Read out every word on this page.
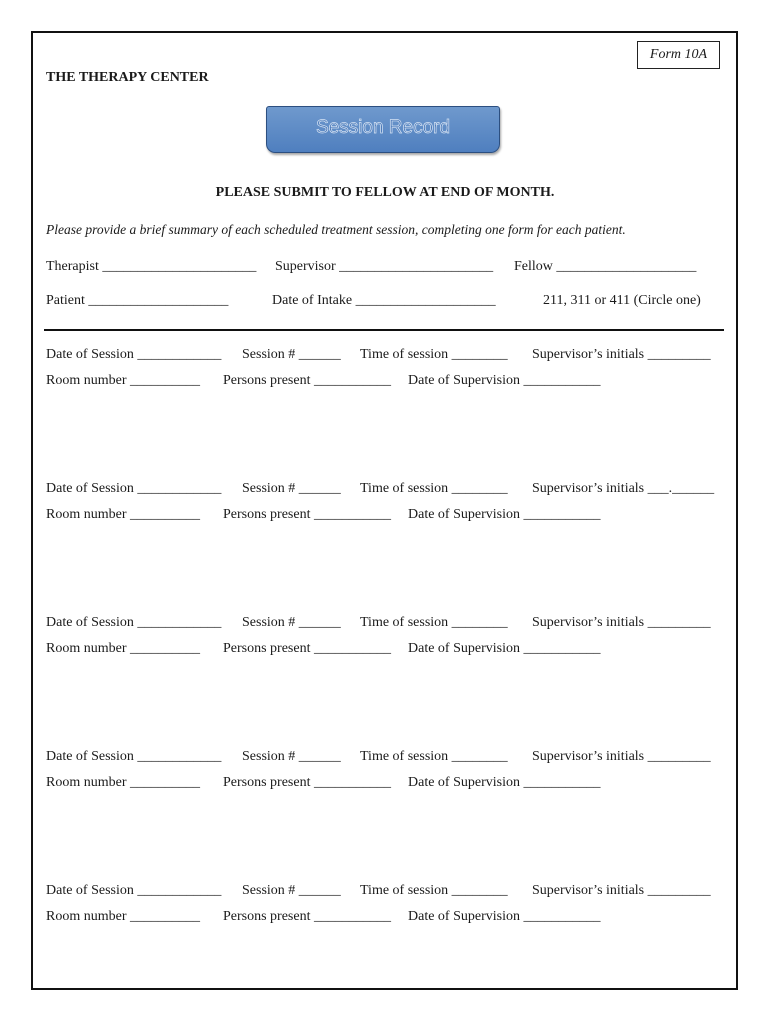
Form 10A
THE THERAPY CENTER
Session Record
PLEASE SUBMIT TO FELLOW AT END OF MONTH.
Please provide a brief summary of each scheduled treatment session, completing one form for each patient.
Therapist ______________________ Supervisor ______________________ Fellow ____________________
Patient ____________________	Date of Intake ____________________	211, 311 or 411 (Circle one)
Date of Session ____________ Session # ______ Time of session ________ Supervisor’s initials _________
Room number __________ Persons present ___________ Date of Supervision ___________
Date of Session ____________ Session # ______ Time of session ________ Supervisor’s initials ___.______
Room number __________ Persons present ___________ Date of Supervision ___________
Date of Session ____________ Session # ______ Time of session ________ Supervisor’s initials _________
Room number __________ Persons present ___________ Date of Supervision ___________
Date of Session ____________ Session # ______ Time of session ________ Supervisor’s initials _________
Room number __________ Persons present ___________ Date of Supervision ___________
Date of Session ____________ Session # ______ Time of session ________ Supervisor’s initials _________
Room number __________ Persons present ___________ Date of Supervision ___________
